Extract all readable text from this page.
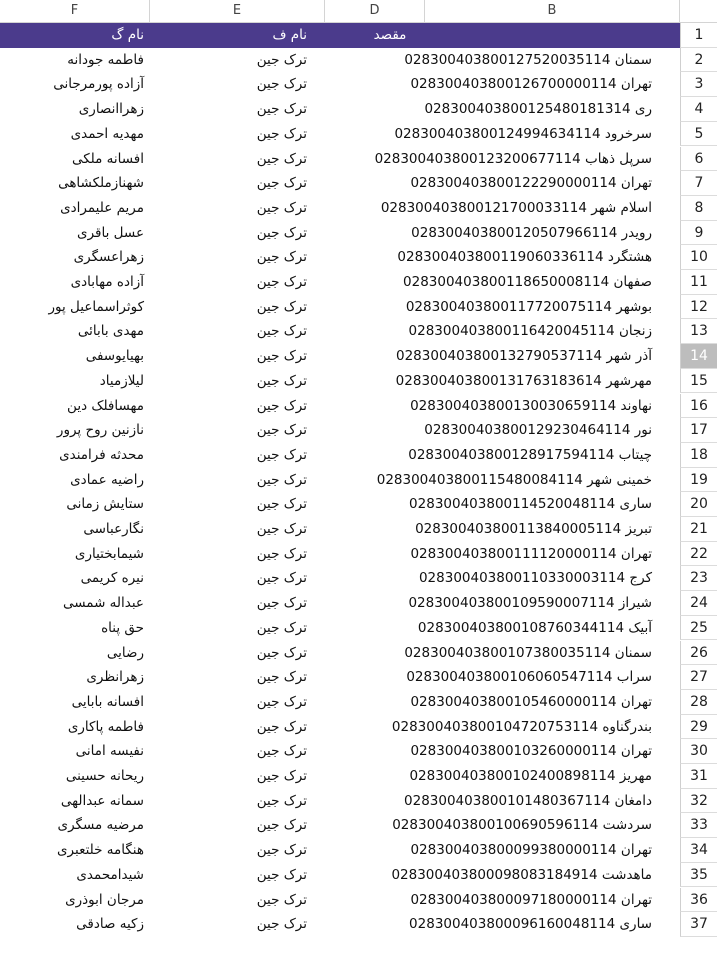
F	E	D	B
نام گ	نام ف	مقصد	1
فاطمه جودانه	ترک جین	028300403800127520035114 سمنان	2
آزاده پورمرجانی	ترک جین	028300403800126700000114 تهران	3
زهراانصاری	ترک جین	028300403800125480181314 ری	4
مهدیه احمدی	ترک جین	028300403800124994634114 سرخرود	5
افسانه ملکی	ترک جین	028300403800123200677114 سرپل ذهاب	6
شهنازملکشاهی	ترک جین	028300403800122290000114 تهران	7
مریم علیمرادی	ترک جین	028300403800121700033114 اسلام شهر	8
عسل باقری	ترک جین	028300403800120507966114 رویدر	9
زهراعسگری	ترک جین	028300403800119060336114 هشتگرد	10
آزاده مهابادی	ترک جین	028300403800118650008114 صفهان	11
کوثراسماعیل پور	ترک جین	028300403800117720075114 بوشهر	12
مهدی بابائی	ترک جین	028300403800116420045114 زنجان	13
بهیایوسفی	ترک جین	028300403800132790537114 آذر شهر	14
لیلازمیاد	ترک جین	028300403800131763183614 مهرشهر	15
مهسافلک دین	ترک جین	028300403800130030659114 نهاوند	16
نازنین روح پرور	ترک جین	028300403800129230464114 نور	17
محدثه فرامندی	ترک جین	028300403800128917594114 چیتاب	18
راضیه عمادی	ترک جین	028300403800115480084114 خمینی شهر	19
ستایش زمانی	ترک جین	028300403800114520048114 ساری	20
نگارعباسی	ترک جین	028300403800113840005114 تبریز	21
شیمابختیاری	ترک جین	028300403800111120000114 تهران	22
نیره کریمی	ترک جین	028300403800110330003114 کرج	23
عبداله شمسی	ترک جین	028300403800109590007114 شیراز	24
حق پناه	ترک جین	028300403800108760344114 آبیک	25
رضایی	ترک جین	028300403800107380035114 سمنان	26
زهرانظری	ترک جین	028300403800106060547114 سراب	27
افسانه بابایی	ترک جین	028300403800105460000114 تهران	28
فاطمه پاکاری	ترک جین	028300403800104720753114 بندرگناوه	29
نفیسه امانی	ترک جین	028300403800103260000114 تهران	30
ریحانه حسینی	ترک جین	028300403800102400898114 مهریز	31
سمانه عبدالهی	ترک جین	028300403800101480367114 دامغان	32
مرضیه مسگری	ترک جین	028300403800100690596114 سردشت	33
هنگامه خلتعبری	ترک جین	028300403800099380000114 تهران	34
شیدامحمدی	ترک جین	028300403800098083184914 ماهدشت	35
مرجان ابوذری	ترک جین	028300403800097180000114 تهران	36
زکیه صادقی	ترک جین	028300403800096160048114 ساری	37
